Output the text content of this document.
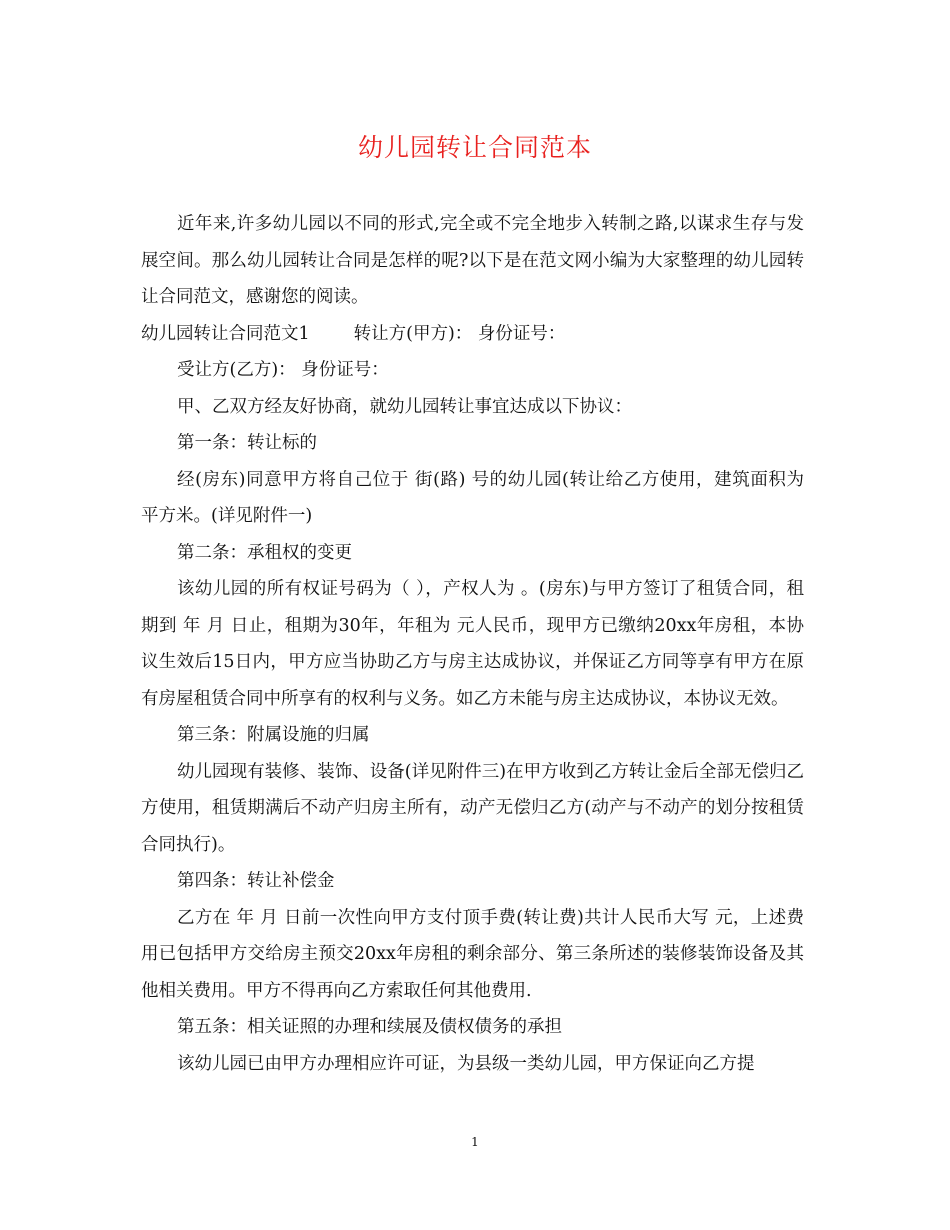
幼儿园转让合同范本

近年来,许多幼儿园以不同的形式,完全或不完全地步入转制之路,以谋求生存与发展空间。那么幼儿园转让合同是怎样的呢?以下是在范文网小编为大家整理的幼儿园转让合同范文，感谢您的阅读。

幼儿园转让合同范文1	转让方(甲方)： 身份证号：

受让方(乙方)： 身份证号：

甲、乙双方经友好协商，就幼儿园转让事宜达成以下协议：

第一条：转让标的

经(房东)同意甲方将自己位于 街(路) 号的幼儿园(转让给乙方使用，建筑面积为 平方米。(详见附件一)

第二条：承租权的变更

该幼儿园的所有权证号码为（ ），产权人为 。(房东)与甲方签订了租赁合同，租期到 年 月 日止，租期为30年，年租为 元人民币，现甲方已缴纳20xx年房租，本协议生效后15日内，甲方应当协助乙方与房主达成协议，并保证乙方同等享有甲方在原有房屋租赁合同中所享有的权利与义务。如乙方未能与房主达成协议，本协议无效。

第三条：附属设施的归属

幼儿园现有装修、装饰、设备(详见附件三)在甲方收到乙方转让金后全部无偿归乙方使用，租赁期满后不动产归房主所有，动产无偿归乙方(动产与不动产的划分按租赁合同执行)。

第四条：转让补偿金

乙方在 年 月 日前一次性向甲方支付顶手费(转让费)共计人民币大写 元，上述费用已包括甲方交给房主预交20xx年房租的剩余部分、第三条所述的装修装饰设备及其他相关费用。甲方不得再向乙方索取任何其他费用.

第五条：相关证照的办理和续展及债权债务的承担

该幼儿园已由甲方办理相应许可证，为县级一类幼儿园，甲方保证向乙方提

1
